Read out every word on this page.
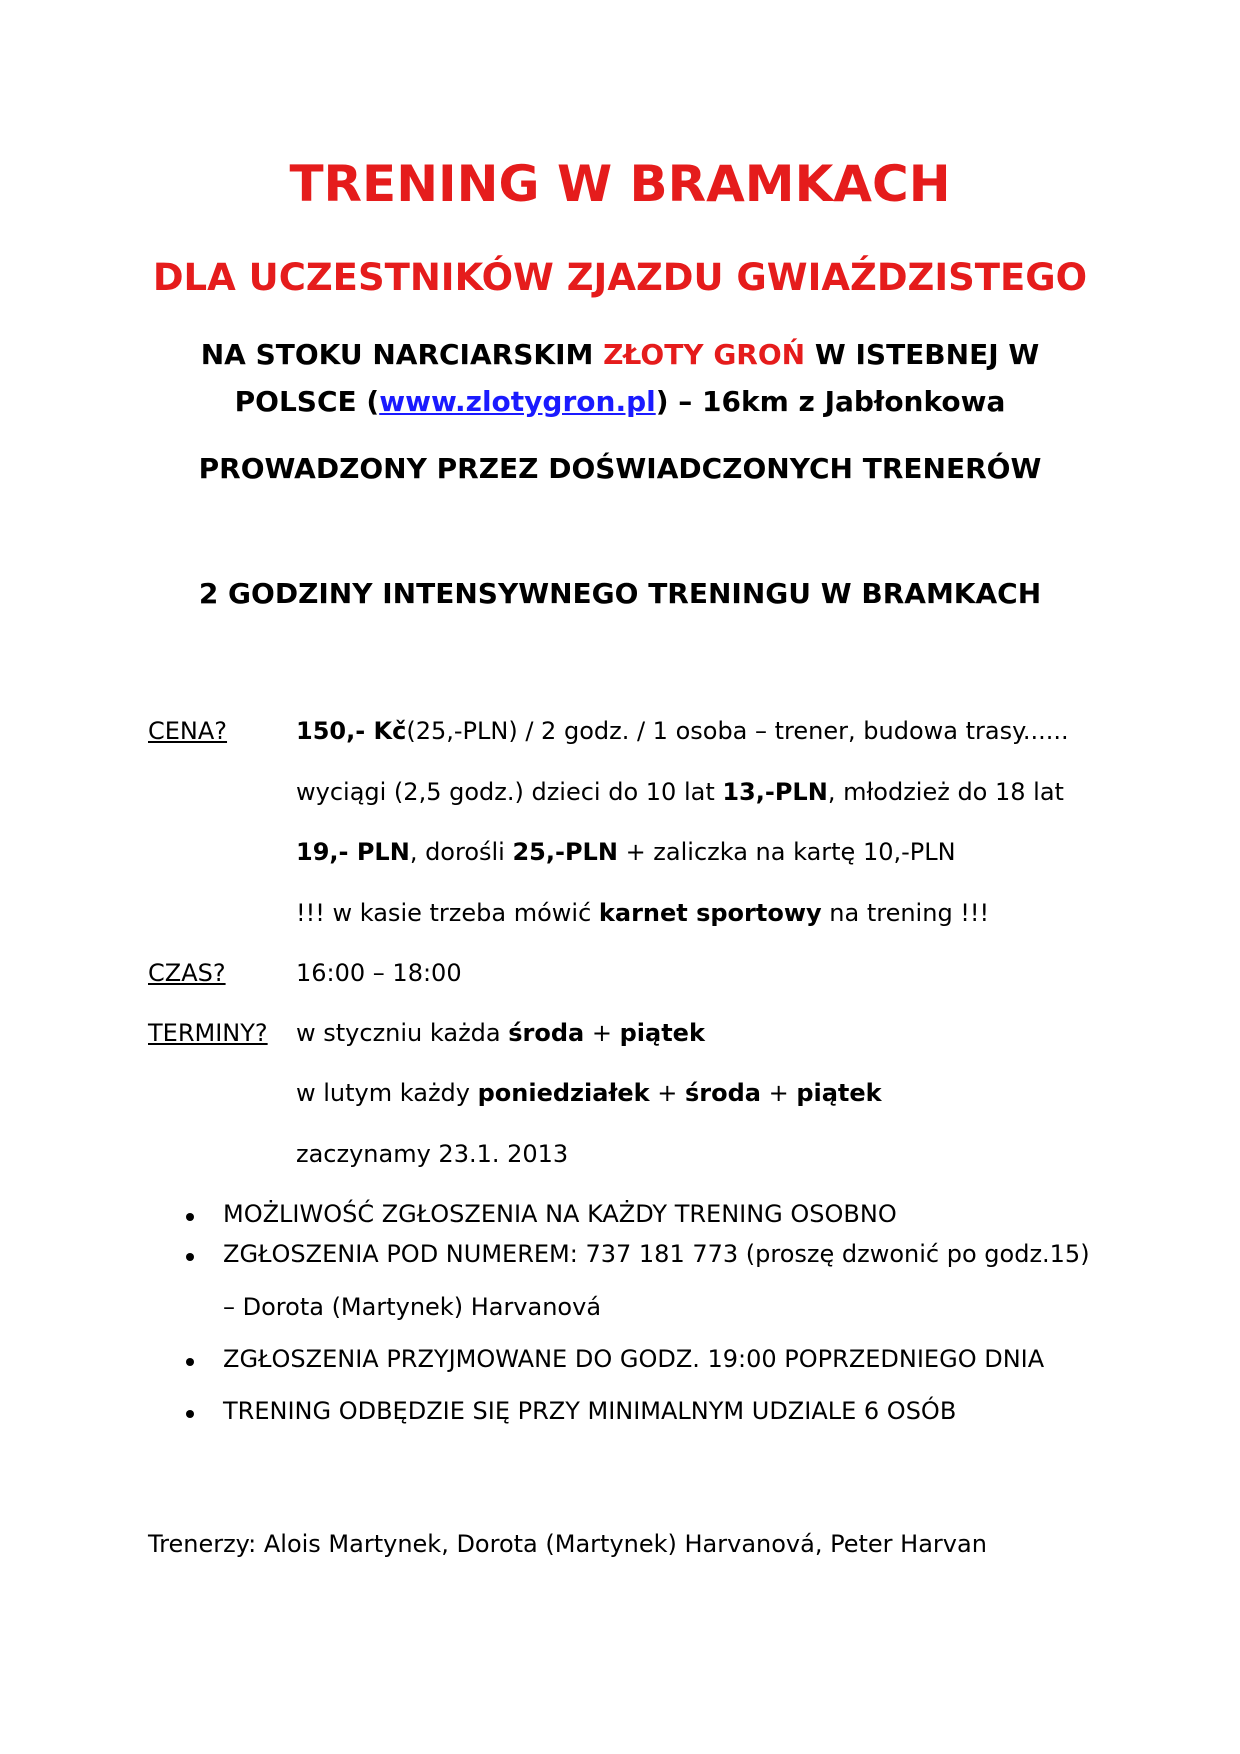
TRENING W BRAMKACH
DLA UCZESTNIKÓW ZJAZDU GWIAŹDZISTEGO
NA STOKU NARCIARSKIM ZŁOTY GROŃ W ISTEBNEJ W
POLSCE (www.zlotygron.pl) – 16km z Jabłonkowa
PROWADZONY PRZEZ DOŚWIADCZONYCH TRENERÓW
2 GODZINY INTENSYWNEGO TRENINGU W BRAMKACH
CENA?	150,- Kč(25,-PLN) / 2 godz. / 1 osoba – trener, budowa trasy......
wyciągi (2,5 godz.) dzieci do 10 lat 13,-PLN, młodzież do 18 lat
19,- PLN, dorośli 25,-PLN + zaliczka na kartę 10,-PLN
!!! w kasie trzeba mówić karnet sportowy na trening !!!
CZAS?	16:00 – 18:00
TERMINY? w styczniu każda środa + piątek
w lutym każdy poniedziałek + środa + piątek
zaczynamy 23.1. 2013
MOŻLIWOŚĆ ZGŁOSZENIA NA KAŻDY TRENING OSOBNO
ZGŁOSZENIA POD NUMEREM: 737 181 773 (proszę dzwonić po godz.15)
– Dorota (Martynek) Harvanová
ZGŁOSZENIA PRZYJMOWANE DO GODZ. 19:00 POPRZEDNIEGO DNIA
TRENING ODBĘDZIE SIĘ PRZY MINIMALNYM UDZIALE 6 OSÓB
Trenerzy: Alois Martynek, Dorota (Martynek) Harvanová, Peter Harvan
